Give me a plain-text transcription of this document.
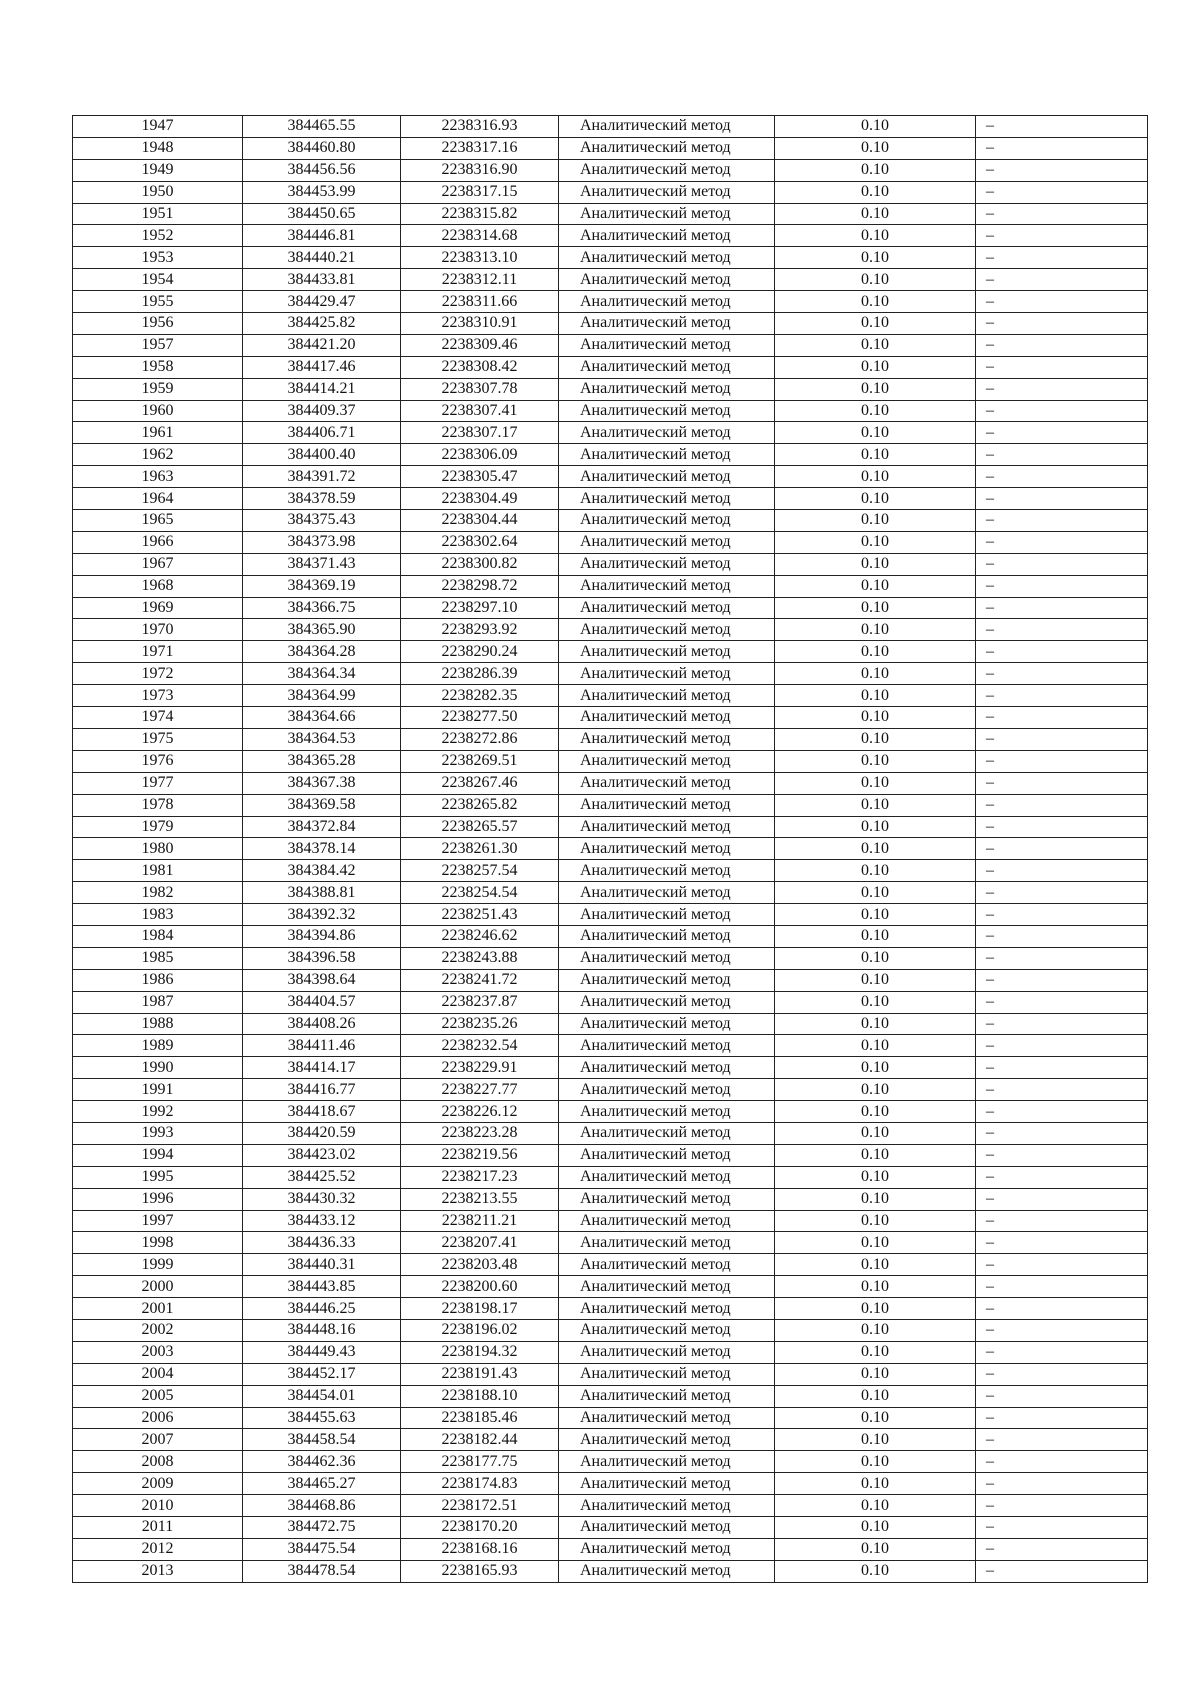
1947	384465.55	2238316.93	Аналитический метод	0.10	–
1948	384460.80	2238317.16	Аналитический метод	0.10	–
1949	384456.56	2238316.90	Аналитический метод	0.10	–
1950	384453.99	2238317.15	Аналитический метод	0.10	–
1951	384450.65	2238315.82	Аналитический метод	0.10	–
1952	384446.81	2238314.68	Аналитический метод	0.10	–
1953	384440.21	2238313.10	Аналитический метод	0.10	–
1954	384433.81	2238312.11	Аналитический метод	0.10	–
1955	384429.47	2238311.66	Аналитический метод	0.10	–
1956	384425.82	2238310.91	Аналитический метод	0.10	–
1957	384421.20	2238309.46	Аналитический метод	0.10	–
1958	384417.46	2238308.42	Аналитический метод	0.10	–
1959	384414.21	2238307.78	Аналитический метод	0.10	–
1960	384409.37	2238307.41	Аналитический метод	0.10	–
1961	384406.71	2238307.17	Аналитический метод	0.10	–
1962	384400.40	2238306.09	Аналитический метод	0.10	–
1963	384391.72	2238305.47	Аналитический метод	0.10	–
1964	384378.59	2238304.49	Аналитический метод	0.10	–
1965	384375.43	2238304.44	Аналитический метод	0.10	–
1966	384373.98	2238302.64	Аналитический метод	0.10	–
1967	384371.43	2238300.82	Аналитический метод	0.10	–
1968	384369.19	2238298.72	Аналитический метод	0.10	–
1969	384366.75	2238297.10	Аналитический метод	0.10	–
1970	384365.90	2238293.92	Аналитический метод	0.10	–
1971	384364.28	2238290.24	Аналитический метод	0.10	–
1972	384364.34	2238286.39	Аналитический метод	0.10	–
1973	384364.99	2238282.35	Аналитический метод	0.10	–
1974	384364.66	2238277.50	Аналитический метод	0.10	–
1975	384364.53	2238272.86	Аналитический метод	0.10	–
1976	384365.28	2238269.51	Аналитический метод	0.10	–
1977	384367.38	2238267.46	Аналитический метод	0.10	–
1978	384369.58	2238265.82	Аналитический метод	0.10	–
1979	384372.84	2238265.57	Аналитический метод	0.10	–
1980	384378.14	2238261.30	Аналитический метод	0.10	–
1981	384384.42	2238257.54	Аналитический метод	0.10	–
1982	384388.81	2238254.54	Аналитический метод	0.10	–
1983	384392.32	2238251.43	Аналитический метод	0.10	–
1984	384394.86	2238246.62	Аналитический метод	0.10	–
1985	384396.58	2238243.88	Аналитический метод	0.10	–
1986	384398.64	2238241.72	Аналитический метод	0.10	–
1987	384404.57	2238237.87	Аналитический метод	0.10	–
1988	384408.26	2238235.26	Аналитический метод	0.10	–
1989	384411.46	2238232.54	Аналитический метод	0.10	–
1990	384414.17	2238229.91	Аналитический метод	0.10	–
1991	384416.77	2238227.77	Аналитический метод	0.10	–
1992	384418.67	2238226.12	Аналитический метод	0.10	–
1993	384420.59	2238223.28	Аналитический метод	0.10	–
1994	384423.02	2238219.56	Аналитический метод	0.10	–
1995	384425.52	2238217.23	Аналитический метод	0.10	–
1996	384430.32	2238213.55	Аналитический метод	0.10	–
1997	384433.12	2238211.21	Аналитический метод	0.10	–
1998	384436.33	2238207.41	Аналитический метод	0.10	–
1999	384440.31	2238203.48	Аналитический метод	0.10	–
2000	384443.85	2238200.60	Аналитический метод	0.10	–
2001	384446.25	2238198.17	Аналитический метод	0.10	–
2002	384448.16	2238196.02	Аналитический метод	0.10	–
2003	384449.43	2238194.32	Аналитический метод	0.10	–
2004	384452.17	2238191.43	Аналитический метод	0.10	–
2005	384454.01	2238188.10	Аналитический метод	0.10	–
2006	384455.63	2238185.46	Аналитический метод	0.10	–
2007	384458.54	2238182.44	Аналитический метод	0.10	–
2008	384462.36	2238177.75	Аналитический метод	0.10	–
2009	384465.27	2238174.83	Аналитический метод	0.10	–
2010	384468.86	2238172.51	Аналитический метод	0.10	–
2011	384472.75	2238170.20	Аналитический метод	0.10	–
2012	384475.54	2238168.16	Аналитический метод	0.10	–
2013	384478.54	2238165.93	Аналитический метод	0.10	–
